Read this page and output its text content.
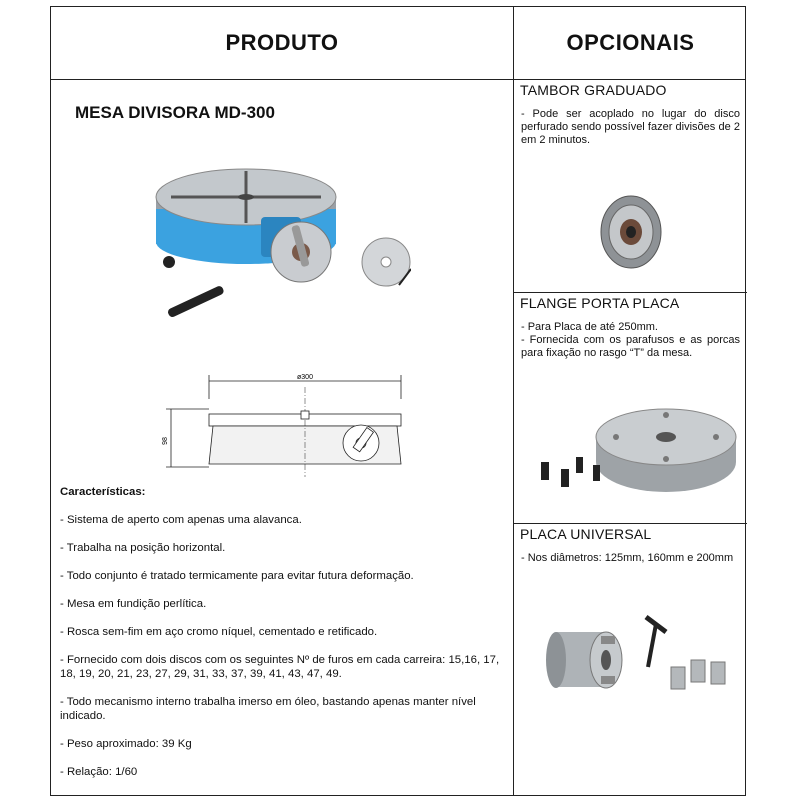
PRODUTO	OPCIONAIS
MESA DIVISORA MD-300
ø300
98
Características:

- Sistema de aperto com apenas uma alavanca.

- Trabalha na posição horizontal.

- Todo conjunto é tratado termicamente para evitar futura deformação.

- Mesa em fundição perlítica.

- Rosca sem-fim em aço cromo níquel, cementado e retificado.

- Fornecido com dois discos com os seguintes Nº de furos em cada carreira: 15,16, 17, 18, 19, 20, 21, 23, 27, 29, 31, 33, 37, 39, 41, 43, 47, 49.

- Todo mecanismo interno trabalha imerso em óleo, bastando apenas manter nível indicado.

- Peso aproximado: 39 Kg

- Relação: 1/60

TAMBOR GRADUADO

- Pode ser acoplado no lugar do disco perfurado sendo possível fazer divisões de 2 em 2 minutos.

FLANGE PORTA PLACA

- Para Placa de até 250mm.

- Fornecida com os parafusos e as porcas para fixação no rasgo “T” da mesa.

PLACA UNIVERSAL

- Nos diâmetros: 125mm, 160mm e 200mm
